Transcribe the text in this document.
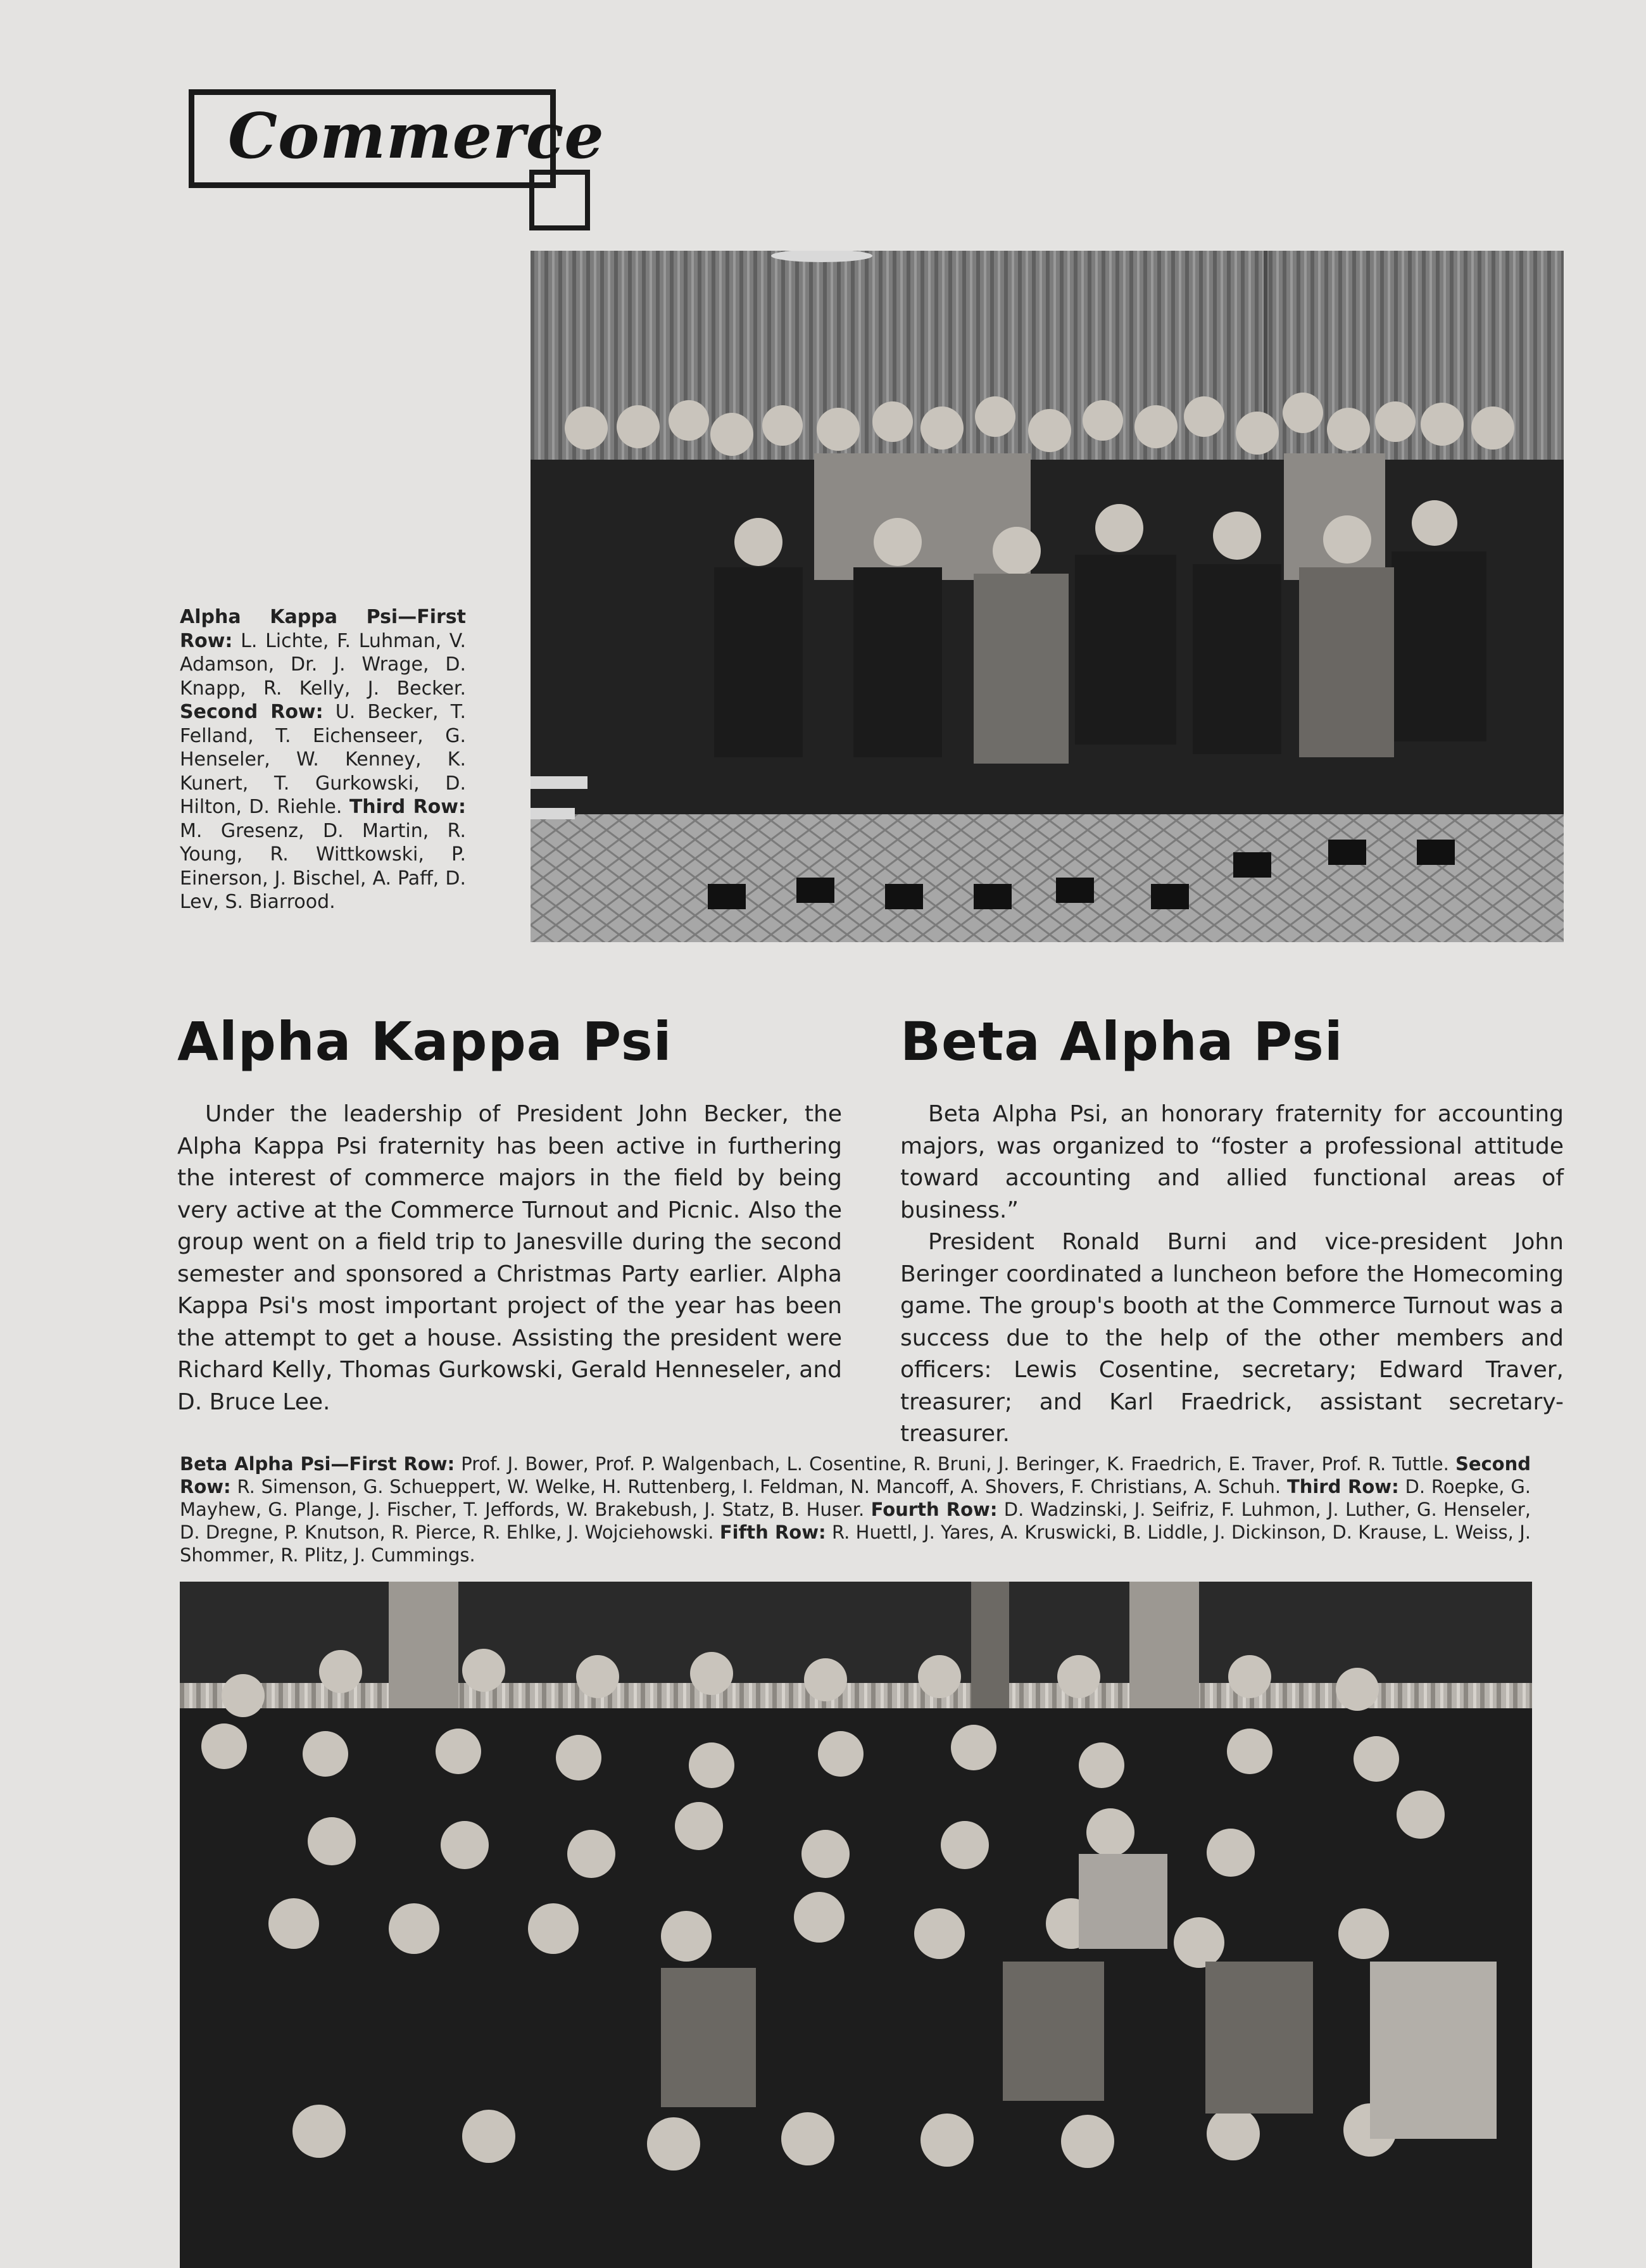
Commerce
Alpha Kappa Psi—First Row: L. Lichte, F. Luhman, V. Adamson, Dr. J. Wrage, D. Knapp, R. Kelly, J. Becker. Second Row: U. Becker, T. Felland, T. Eichenseer, G. Henseler, W. Kenney, K. Kunert, T. Gurkowski, D. Hilton, D. Riehle. Third Row: M. Gresenz, D. Martin, R. Young, R. Wittkowski, P. Einerson, J. Bischel, A. Paff, D. Lev, S. Biarrood.
Alpha Kappa Psi	Beta Alpha Psi

Under the leadership of President John Becker, the Alpha Kappa Psi fraternity has been active in furthering the interest of commerce majors in the field by being very active at the Commerce Turnout and Picnic. Also the group went on a field trip to Janesville during the second semester and sponsored a Christmas Party earlier. Alpha Kappa Psi's most important project of the year has been the attempt to get a house. Assisting the president were Richard Kelly, Thomas Gurkowski, Gerald Henneseler, and D. Bruce Lee.

Beta Alpha Psi, an honorary fraternity for accounting majors, was organized to “foster a professional attitude toward accounting and allied functional areas of business.”

President Ronald Burni and vice-president John Beringer coordinated a luncheon before the Homecoming game. The group's booth at the Commerce Turnout was a success due to the help of the other members and officers: Lewis Cosentine, secretary; Edward Traver, treasurer; and Karl Fraedrick, assistant secretary-treasurer.

Beta Alpha Psi—First Row: Prof. J. Bower, Prof. P. Walgenbach, L. Cosentine, R. Bruni, J. Beringer, K. Fraedrich, E. Traver, Prof. R. Tuttle. Second Row: R. Simenson, G. Schueppert, W. Welke, H. Ruttenberg, I. Feldman, N. Mancoff, A. Shovers, F. Christians, A. Schuh. Third Row: D. Roepke, G. Mayhew, G. Plange, J. Fischer, T. Jeffords, W. Brakebush, J. Statz, B. Huser. Fourth Row: D. Wadzinski, J. Seifriz, F. Luhmon, J. Luther, G. Henseler, D. Dregne, P. Knutson, R. Pierce, R. Ehlke, J. Wojciehowski. Fifth Row: R. Huettl, J. Yares, A. Kruswicki, B. Liddle, J. Dickinson, D. Krause, L. Weiss, J. Shommer, R. Plitz, J. Cummings.
